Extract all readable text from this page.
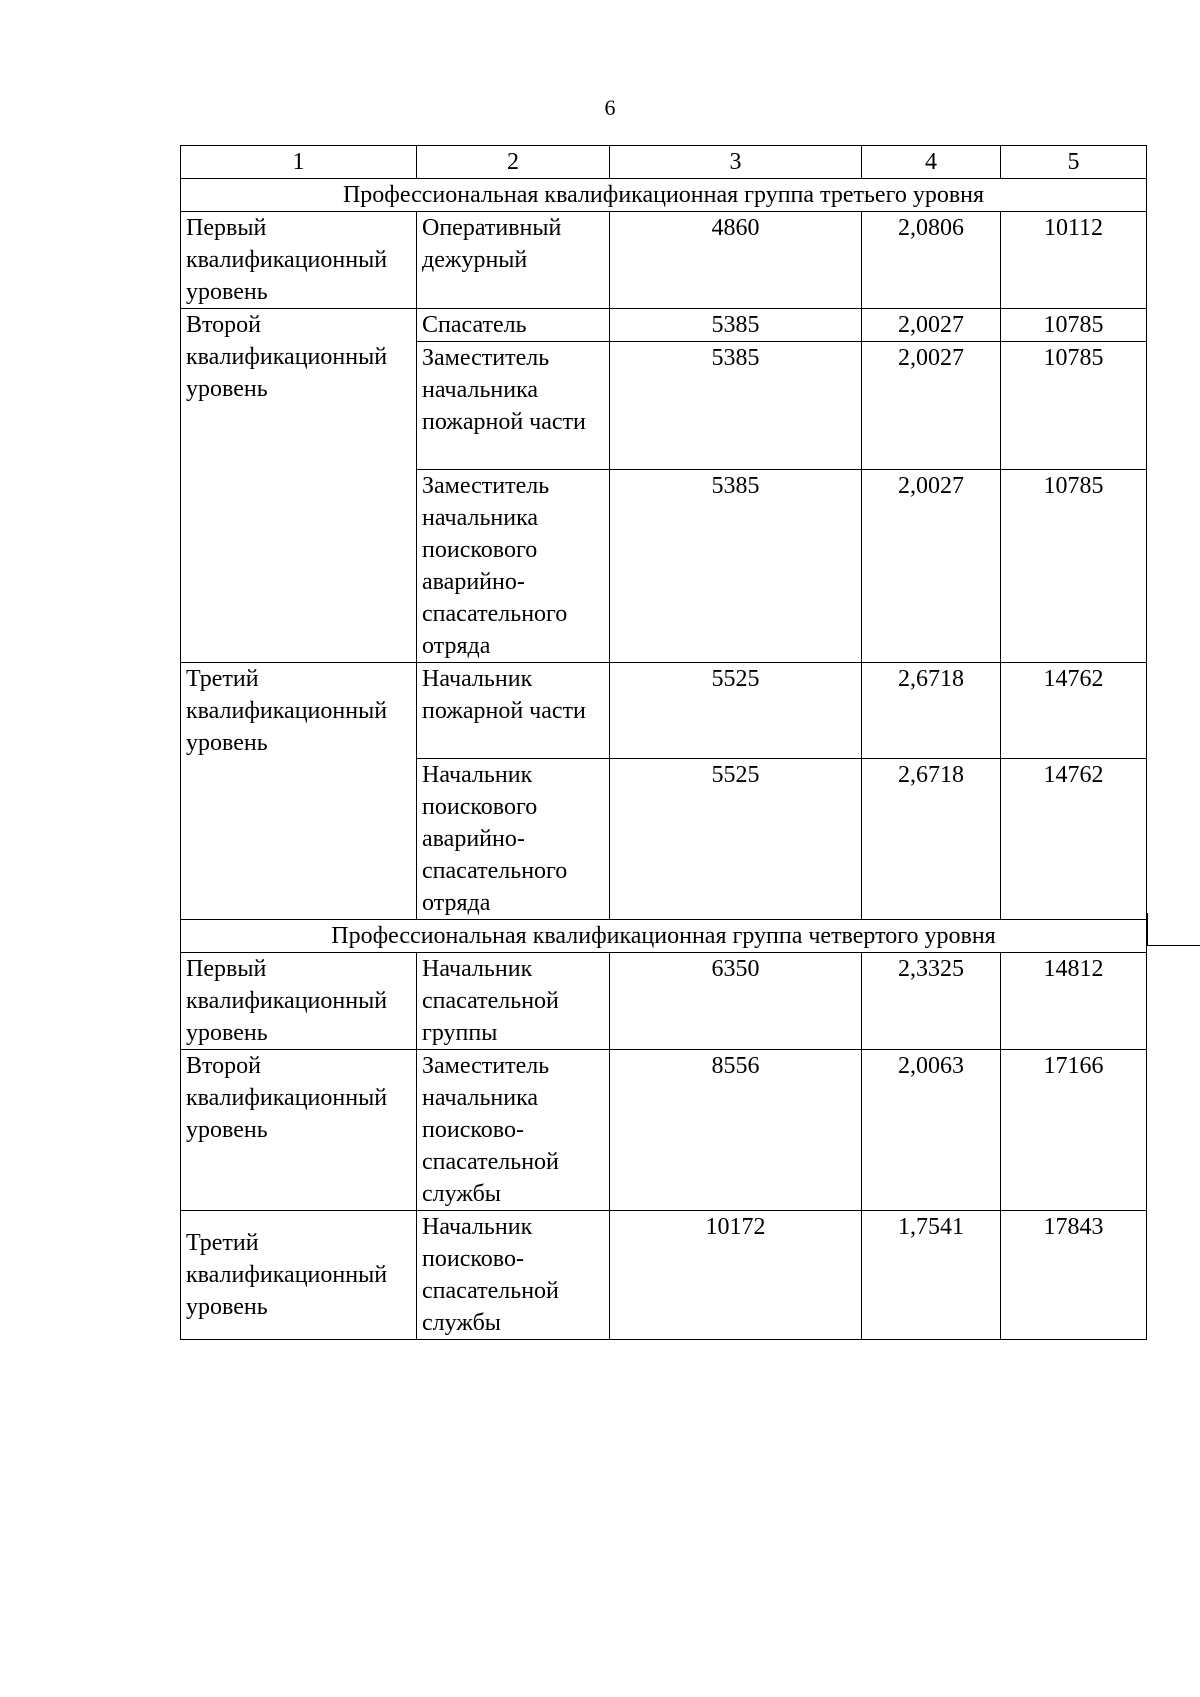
6
1	2	3	4	5
Профессиональная квалификационная группа третьего уровня				
Первый квалификационный уровень	Оперативный дежурный	4860	2,0806	10112
Второй квалификационный уровень	Спасатель	5385	2,0027	10785
	Заместитель начальника пожарной части	5385	2,0027	10785
	Заместитель начальника поискового аварийно-спасательного отряда	5385	2,0027	10785
Третий квалификационный уровень	Начальник пожарной части	5525	2,6718	14762
	Начальник поискового аварийно-спасательного отряда	5525	2,6718	14762
Профессиональная квалификационная группа четвертого уровня				
Первый квалификационный уровень	Начальник спасательной группы	6350	2,3325	14812
Второй квалификационный уровень	Заместитель начальника поисково-спасательной службы	8556	2,0063	17166
Третий квалификационный уровень	Начальник поисково-спасательной службы	10172	1,7541	17843
